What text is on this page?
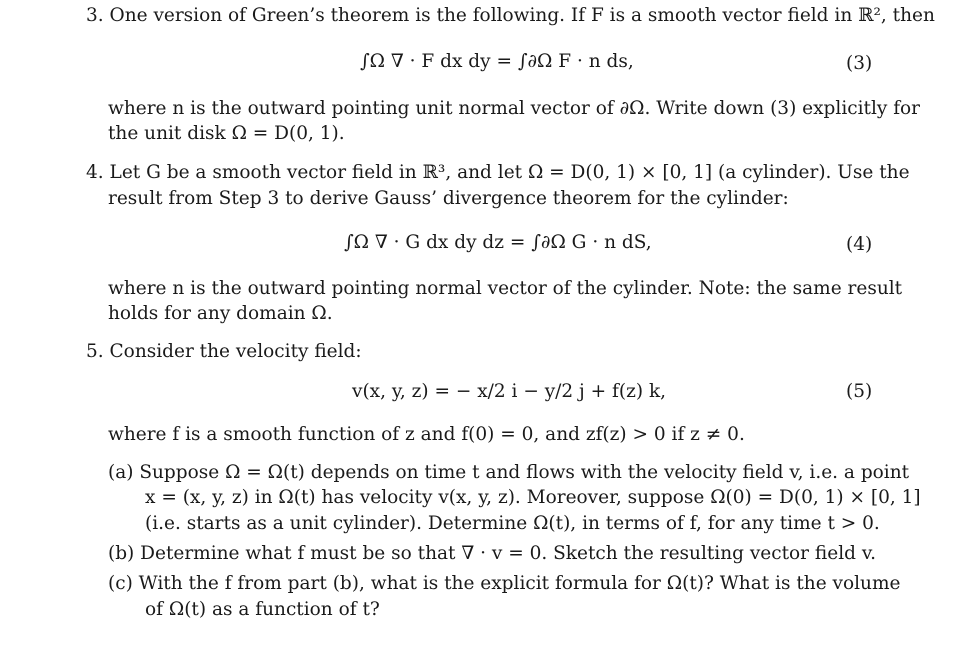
3. One version of Green’s theorem is the following. If F is a smooth vector field in ℝ², then
∫Ω ∇ · F dx dy = ∫∂Ω F · n ds,	(3)
where n is the outward pointing unit normal vector of ∂Ω. Write down (3) explicitly for
the unit disk Ω = D(0, 1).
4. Let G be a smooth vector field in ℝ³, and let Ω = D(0, 1) × [0, 1] (a cylinder). Use the
result from Step 3 to derive Gauss’ divergence theorem for the cylinder:
∫Ω ∇ · G dx dy dz = ∫∂Ω G · n dS,	(4)
where n is the outward pointing normal vector of the cylinder. Note: the same result
holds for any domain Ω.
5. Consider the velocity field:
v(x, y, z) = − x/2 i − y/2 j + f(z) k,	(5)
where f is a smooth function of z and f(0) = 0, and zf(z) > 0 if z ≠ 0.
(a) Suppose Ω = Ω(t) depends on time t and flows with the velocity field v, i.e. a point
x = (x, y, z) in Ω(t) has velocity v(x, y, z). Moreover, suppose Ω(0) = D(0, 1) × [0, 1]
(i.e. starts as a unit cylinder). Determine Ω(t), in terms of f, for any time t > 0.
(b) Determine what f must be so that ∇ · v = 0. Sketch the resulting vector field v.
(c) With the f from part (b), what is the explicit formula for Ω(t)? What is the volume
of Ω(t) as a function of t?
